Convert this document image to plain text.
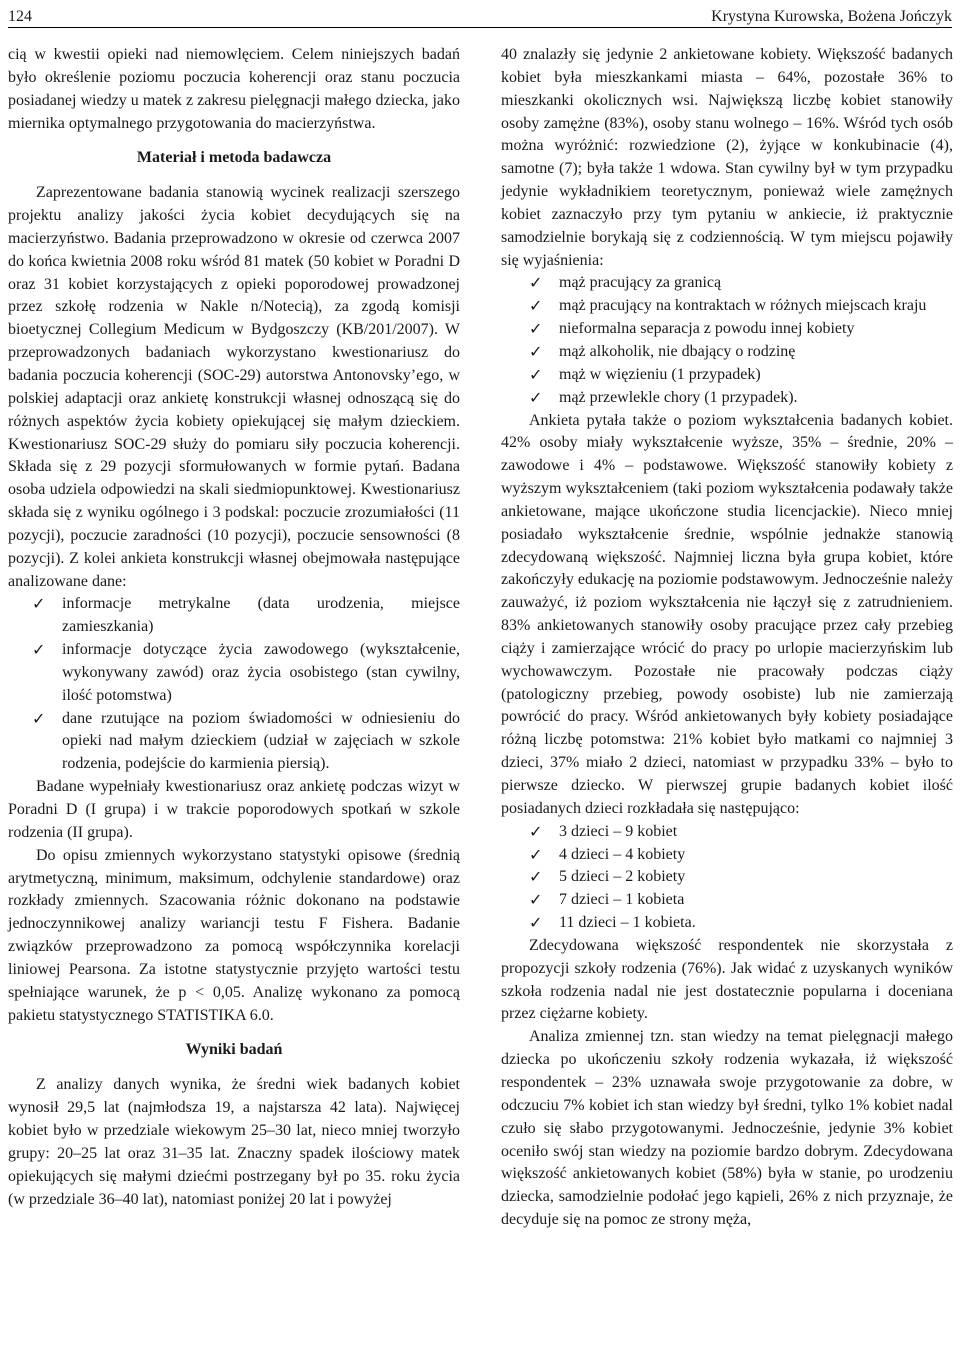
124	Krystyna Kurowska, Bożena Jończyk

cią w kwestii opieki nad niemowlęciem. Celem niniejszych badań było określenie poziomu poczucia koherencji oraz stanu poczucia posiadanej wiedzy u matek z zakresu pielęgnacji małego dziecka, jako miernika optymalnego przygotowania do macierzyństwa.

Materiał i metoda badawcza

Zaprezentowane badania stanowią wycinek realizacji szerszego projektu analizy jakości życia kobiet decydujących się na macierzyństwo. Badania przeprowadzono w okresie od czerwca 2007 do końca kwietnia 2008 roku wśród 81 matek (50 kobiet w Poradni D oraz 31 kobiet korzystających z opieki poporodowej prowadzonej przez szkołę rodzenia w Nakle n/Notecią), za zgodą komisji bioetycznej Collegium Medicum w Bydgoszczy (KB/201/2007). W przeprowadzonych badaniach wykorzystano kwestionariusz do badania poczucia koherencji (SOC-29) autorstwa Antonovsky’ego, w polskiej adaptacji oraz ankietę konstrukcji własnej odnoszącą się do różnych aspektów życia kobiety opiekującej się małym dzieckiem. Kwestionariusz SOC-29 służy do pomiaru siły poczucia koherencji. Składa się z 29 pozycji sformułowanych w formie pytań. Badana osoba udziela odpowiedzi na skali siedmiopunktowej. Kwestionariusz składa się z wyniku ogólnego i 3 podskal: poczucie zrozumiałości (11 pozycji), poczucie zaradności (10 pozycji), poczucie sensowności (8 pozycji). Z kolei ankieta konstrukcji własnej obejmowała następujące analizowane dane:

✓ informacje metrykalne (data urodzenia, miejsce zamieszkania)
✓ informacje dotyczące życia zawodowego (wykształcenie, wykonywany zawód) oraz życia osobistego (stan cywilny, ilość potomstwa)
✓ dane rzutujące na poziom świadomości w odniesieniu do opieki nad małym dzieckiem (udział w zajęciach w szkole rodzenia, podejście do karmienia piersią).

Badane wypełniały kwestionariusz oraz ankietę podczas wizyt w Poradni D (I grupa) i w trakcie poporodowych spotkań w szkole rodzenia (II grupa).

Do opisu zmiennych wykorzystano statystyki opisowe (średnią arytmetyczną, minimum, maksimum, odchylenie standardowe) oraz rozkłady zmiennych. Szacowania różnic dokonano na podstawie jednoczynnikowej analizy wariancji testu F Fishera. Badanie związków przeprowadzono za pomocą współczynnika korelacji liniowej Pearsona. Za istotne statystycznie przyjęto wartości testu spełniające warunek, że p < 0,05. Analizę wykonano za pomocą pakietu statystycznego STATISTIKA 6.0.

Wyniki badań

Z analizy danych wynika, że średni wiek badanych kobiet wynosił 29,5 lat (najmłodsza 19, a najstarsza 42 lata). Najwięcej kobiet było w przedziale wiekowym 25–30 lat, nieco mniej tworzyło grupy: 20–25 lat oraz 31–35 lat. Znaczny spadek ilościowy matek opiekujących się małymi dziećmi postrzegany był po 35. roku życia (w przedziale 36–40 lat), natomiast poniżej 20 lat i powyżej

40 znalazły się jedynie 2 ankietowane kobiety. Większość badanych kobiet była mieszkankami miasta – 64%, pozostałe 36% to mieszkanki okolicznych wsi. Największą liczbę kobiet stanowiły osoby zamężne (83%), osoby stanu wolnego – 16%. Wśród tych osób można wyróżnić: rozwiedzione (2), żyjące w konkubinacie (4), samotne (7); była także 1 wdowa. Stan cywilny był w tym przypadku jedynie wykładnikiem teoretycznym, ponieważ wiele zamężnych kobiet zaznaczyło przy tym pytaniu w ankiecie, iż praktycznie samodzielnie borykają się z codziennością. W tym miejscu pojawiły się wyjaśnienia:

✓ mąż pracujący za granicą
✓ mąż pracujący na kontraktach w różnych miejscach kraju
✓ nieformalna separacja z powodu innej kobiety
✓ mąż alkoholik, nie dbający o rodzinę
✓ mąż w więzieniu (1 przypadek)
✓ mąż przewlekle chory (1 przypadek).

Ankieta pytała także o poziom wykształcenia badanych kobiet. 42% osoby miały wykształcenie wyższe, 35% – średnie, 20% – zawodowe i 4% – podstawowe. Większość stanowiły kobiety z wyższym wykształceniem (taki poziom wykształcenia podawały także ankietowane, mające ukończone studia licencjackie). Nieco mniej posiadało wykształcenie średnie, wspólnie jednakże stanowią zdecydowaną większość. Najmniej liczna była grupa kobiet, które zakończyły edukację na poziomie podstawowym. Jednocześnie należy zauważyć, iż poziom wykształcenia nie łączył się z zatrudnieniem. 83% ankietowanych stanowiły osoby pracujące przez cały przebieg ciąży i zamierzające wrócić do pracy po urlopie macierzyńskim lub wychowawczym. Pozostałe nie pracowały podczas ciąży (patologiczny przebieg, powody osobiste) lub nie zamierzają powrócić do pracy. Wśród ankietowanych były kobiety posiadające różną liczbę potomstwa: 21% kobiet było matkami co najmniej 3 dzieci, 37% miało 2 dzieci, natomiast w przypadku 33% – było to pierwsze dziecko. W pierwszej grupie badanych kobiet ilość posiadanych dzieci rozkładała się następująco:

✓ 3 dzieci – 9 kobiet
✓ 4 dzieci – 4 kobiety
✓ 5 dzieci – 2 kobiety
✓ 7 dzieci – 1 kobieta
✓ 11 dzieci – 1 kobieta.

Zdecydowana większość respondentek nie skorzystała z propozycji szkoły rodzenia (76%). Jak widać z uzyskanych wyników szkoła rodzenia nadal nie jest dostatecznie popularna i doceniana przez ciężarne kobiety.

Analiza zmiennej tzn. stan wiedzy na temat pielęgnacji małego dziecka po ukończeniu szkoły rodzenia wykazała, iż większość respondentek – 23% uznawała swoje przygotowanie za dobre, w odczuciu 7% kobiet ich stan wiedzy był średni, tylko 1% kobiet nadal czuło się słabo przygotowanymi. Jednocześnie, jedynie 3% kobiet oceniło swój stan wiedzy na poziomie bardzo dobrym. Zdecydowana większość ankietowanych kobiet (58%) była w stanie, po urodzeniu dziecka, samodzielnie podołać jego kąpieli, 26% z nich przyznaje, że decyduje się na pomoc ze strony męża,
